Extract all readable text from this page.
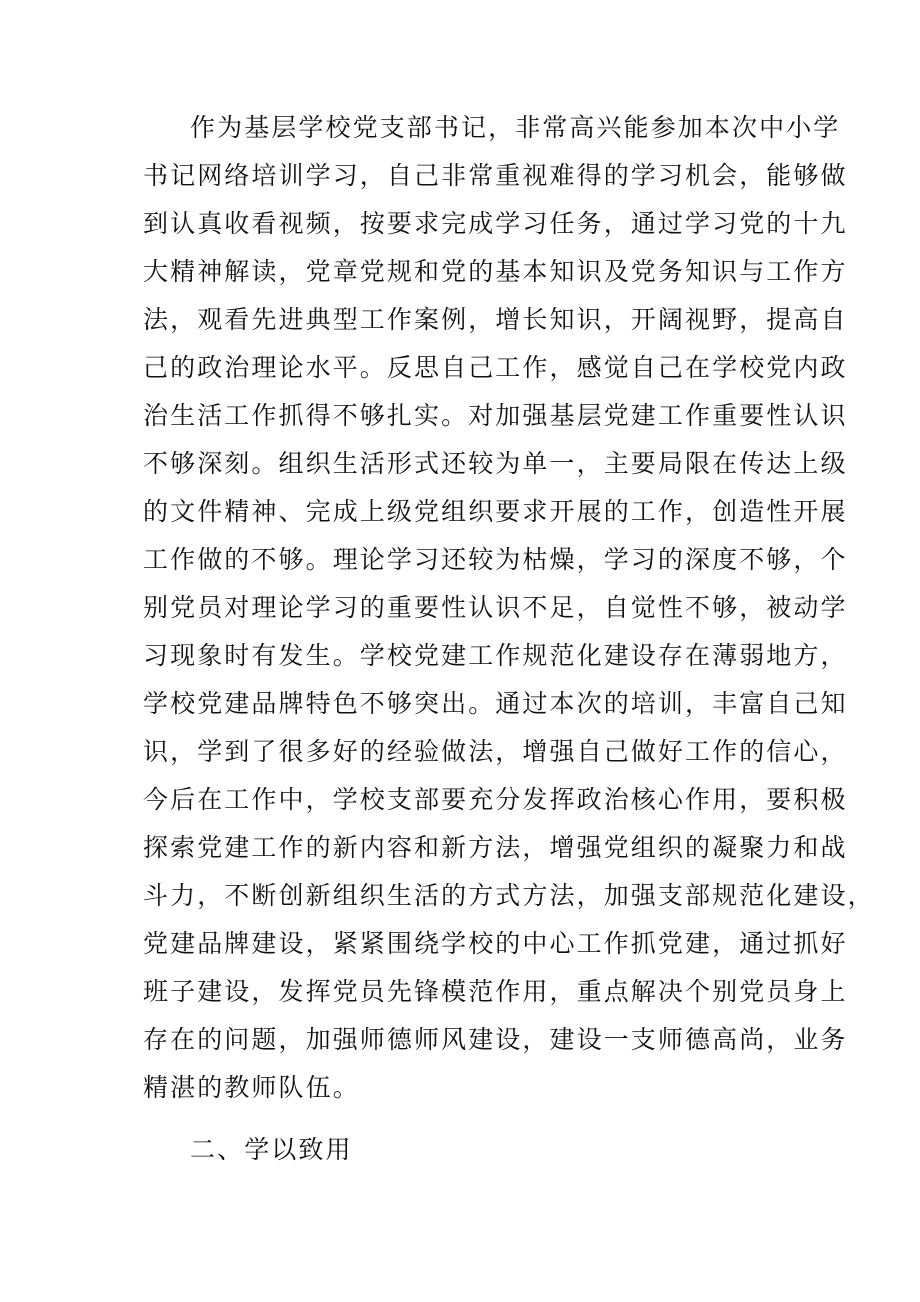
作为基层学校党支部书记，非常高兴能参加本次中小学
书记网络培训学习，自己非常重视难得的学习机会，能够做
到认真收看视频，按要求完成学习任务，通过学习党的十九
大精神解读，党章党规和党的基本知识及党务知识与工作方
法，观看先进典型工作案例，增长知识，开阔视野，提高自
己的政治理论水平。反思自己工作，感觉自己在学校党内政
治生活工作抓得不够扎实。对加强基层党建工作重要性认识
不够深刻。组织生活形式还较为单一，主要局限在传达上级
的文件精神、完成上级党组织要求开展的工作，创造性开展
工作做的不够。理论学习还较为枯燥，学习的深度不够，个
别党员对理论学习的重要性认识不足，自觉性不够，被动学
习现象时有发生。学校党建工作规范化建设存在薄弱地方，
学校党建品牌特色不够突出。通过本次的培训，丰富自己知
识，学到了很多好的经验做法，增强自己做好工作的信心，
今后在工作中，学校支部要充分发挥政治核心作用，要积极
探索党建工作的新内容和新方法，增强党组织的凝聚力和战
斗力，不断创新组织生活的方式方法，加强支部规范化建设，
党建品牌建设，紧紧围绕学校的中心工作抓党建，通过抓好
班子建设，发挥党员先锋模范作用，重点解决个别党员身上
存在的问题，加强师德师风建设，建设一支师德高尚，业务
精湛的教师队伍。
二、学以致用
